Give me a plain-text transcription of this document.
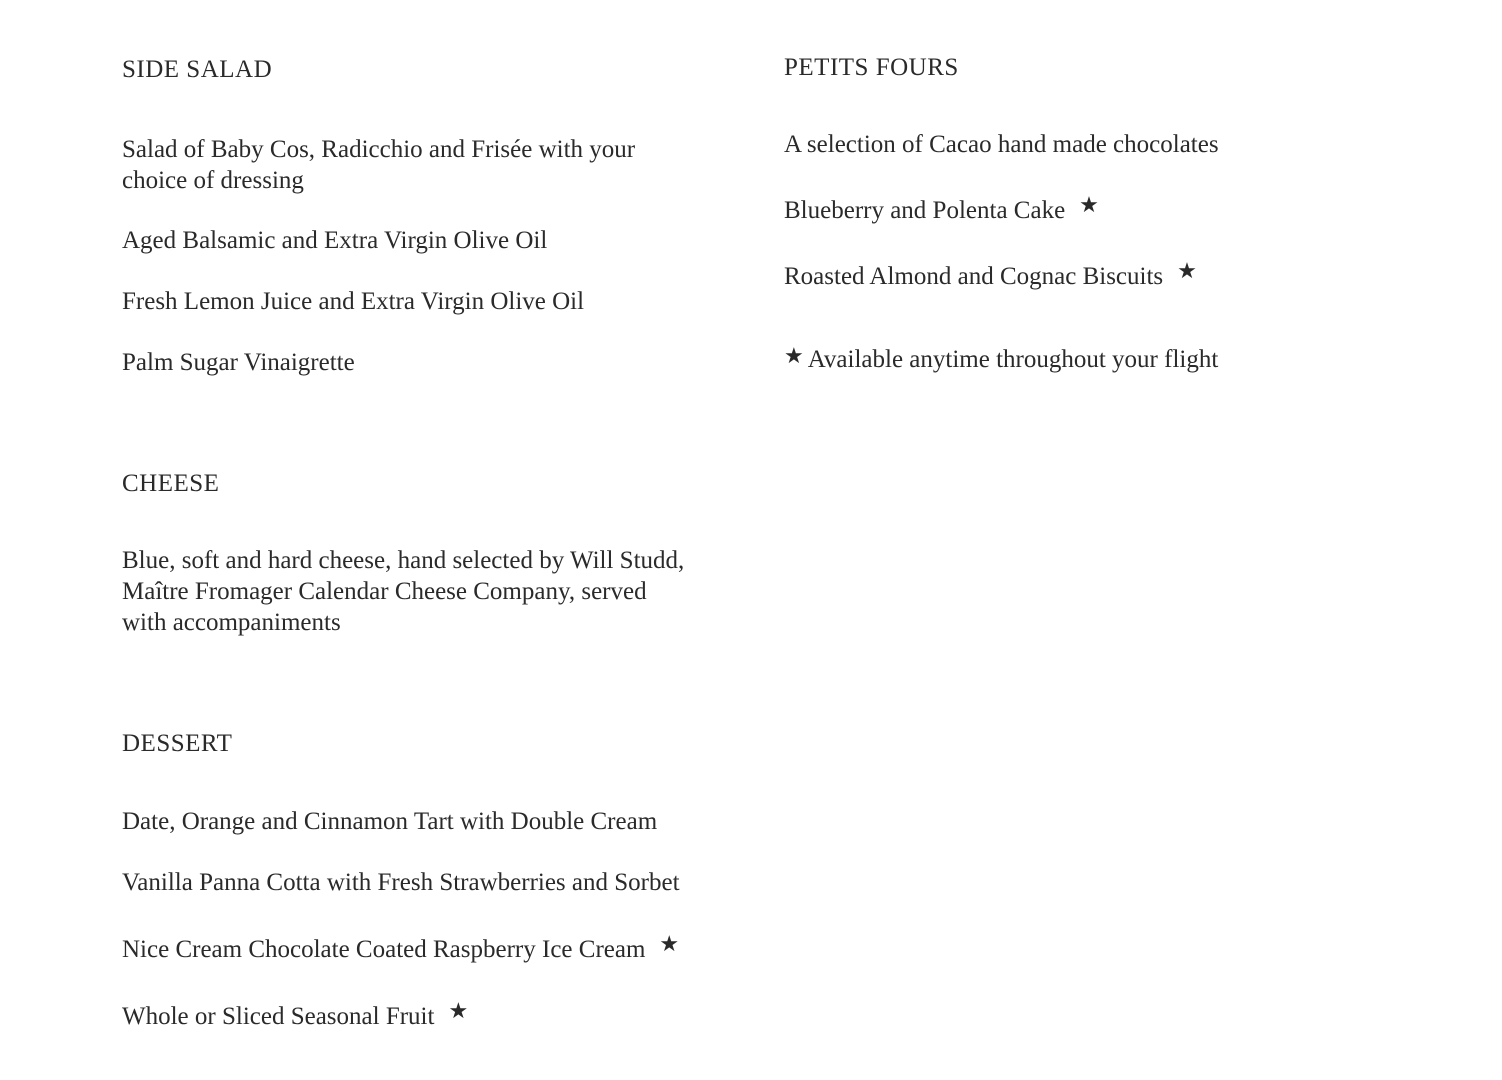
SIDE SALAD

Salad of Baby Cos, Radicchio and Frisée with your

choice of dressing

Aged Balsamic and Extra Virgin Olive Oil

Fresh Lemon Juice and Extra Virgin Olive Oil

Palm Sugar Vinaigrette

CHEESE

Blue, soft and hard cheese, hand selected by Will Studd,

Maître Fromager Calendar Cheese Company, served

with accompaniments

DESSERT

Date, Orange and Cinnamon Tart with Double Cream

Vanilla Panna Cotta with Fresh Strawberries and Sorbet

Nice Cream Chocolate Coated Raspberry Ice Cream ★

Whole or Sliced Seasonal Fruit ★

PETITS FOURS

A selection of Cacao hand made chocolates

Blueberry and Polenta Cake ★

Roasted Almond and Cognac Biscuits ★

★ Available anytime throughout your flight
